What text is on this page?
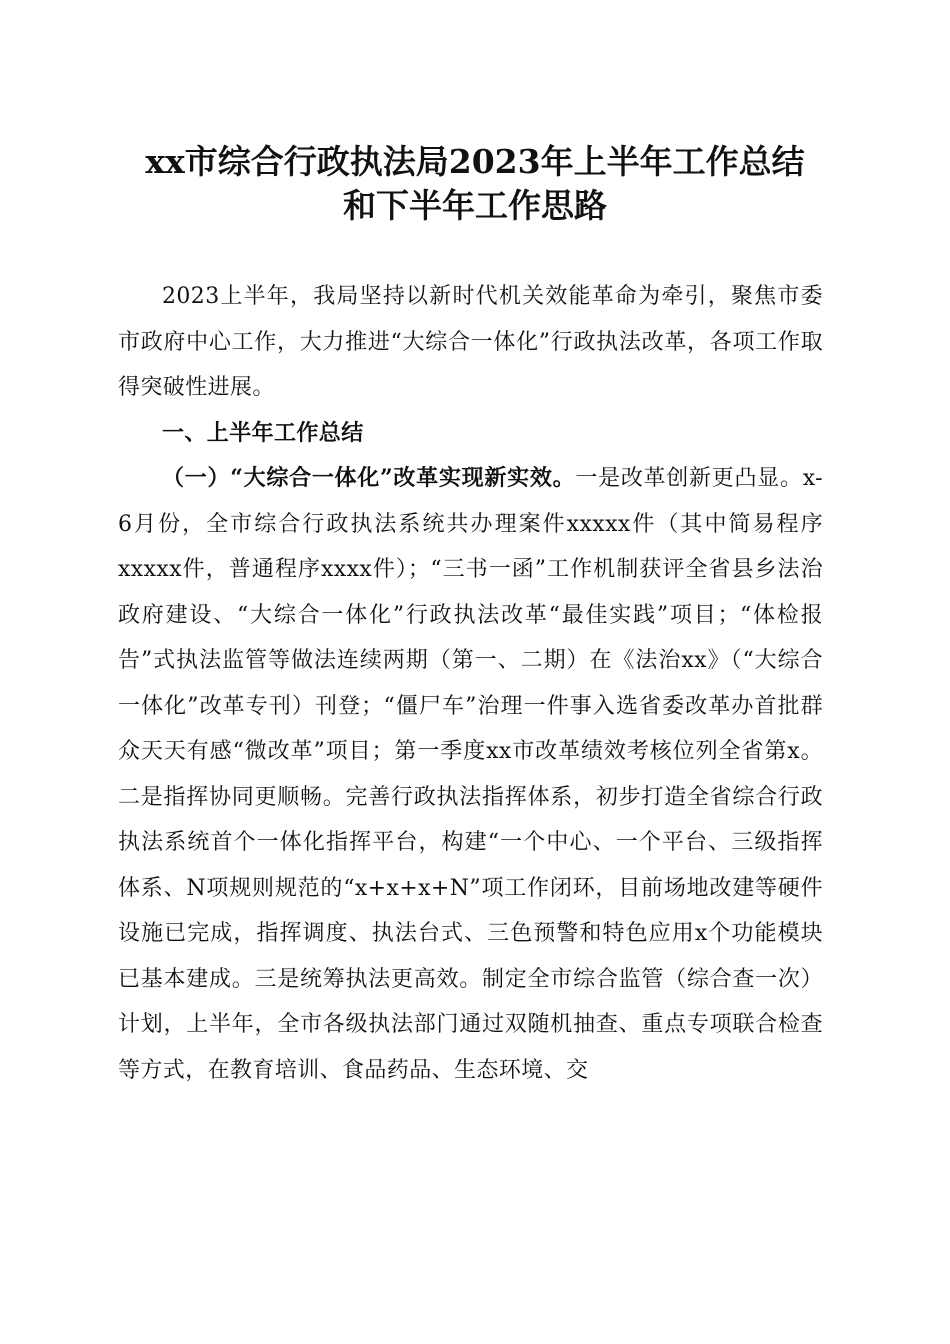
xx市综合行政执法局2023年上半年工作总结
和下半年工作思路

2023上半年，我局坚持以新时代机关效能革命为牵引，聚焦市委市政府中心工作，大力推进“大综合一体化”行政执法改革，各项工作取得突破性进展。

一、上半年工作总结

（一）“大综合一体化”改革实现新实效。一是改革创新更凸显。x-6月份，全市综合行政执法系统共办理案件xxxxx件（其中简易程序xxxxx件，普通程序xxxx件）；“三书一函”工作机制获评全省县乡法治政府建设、“大综合一体化”行政执法改革“最佳实践”项目；“体检报告”式执法监管等做法连续两期（第一、二期）在《法治xx》（“大综合一体化”改革专刊）刊登；“僵尸车”治理一件事入选省委改革办首批群众天天有感“微改革”项目；第一季度xx市改革绩效考核位列全省第x。二是指挥协同更顺畅。完善行政执法指挥体系，初步打造全省综合行政执法系统首个一体化指挥平台，构建“一个中心、一个平台、三级指挥体系、N项规则规范的“x+x+x+N”项工作闭环，目前场地改建等硬件设施已完成，指挥调度、执法台式、三色预警和特色应用x个功能模块已基本建成。三是统筹执法更高效。制定全市综合监管（综合查一次）计划，上半年，全市各级执法部门通过双随机抽查、重点专项联合检查等方式，在教育培训、食品药品、生态环境、交
